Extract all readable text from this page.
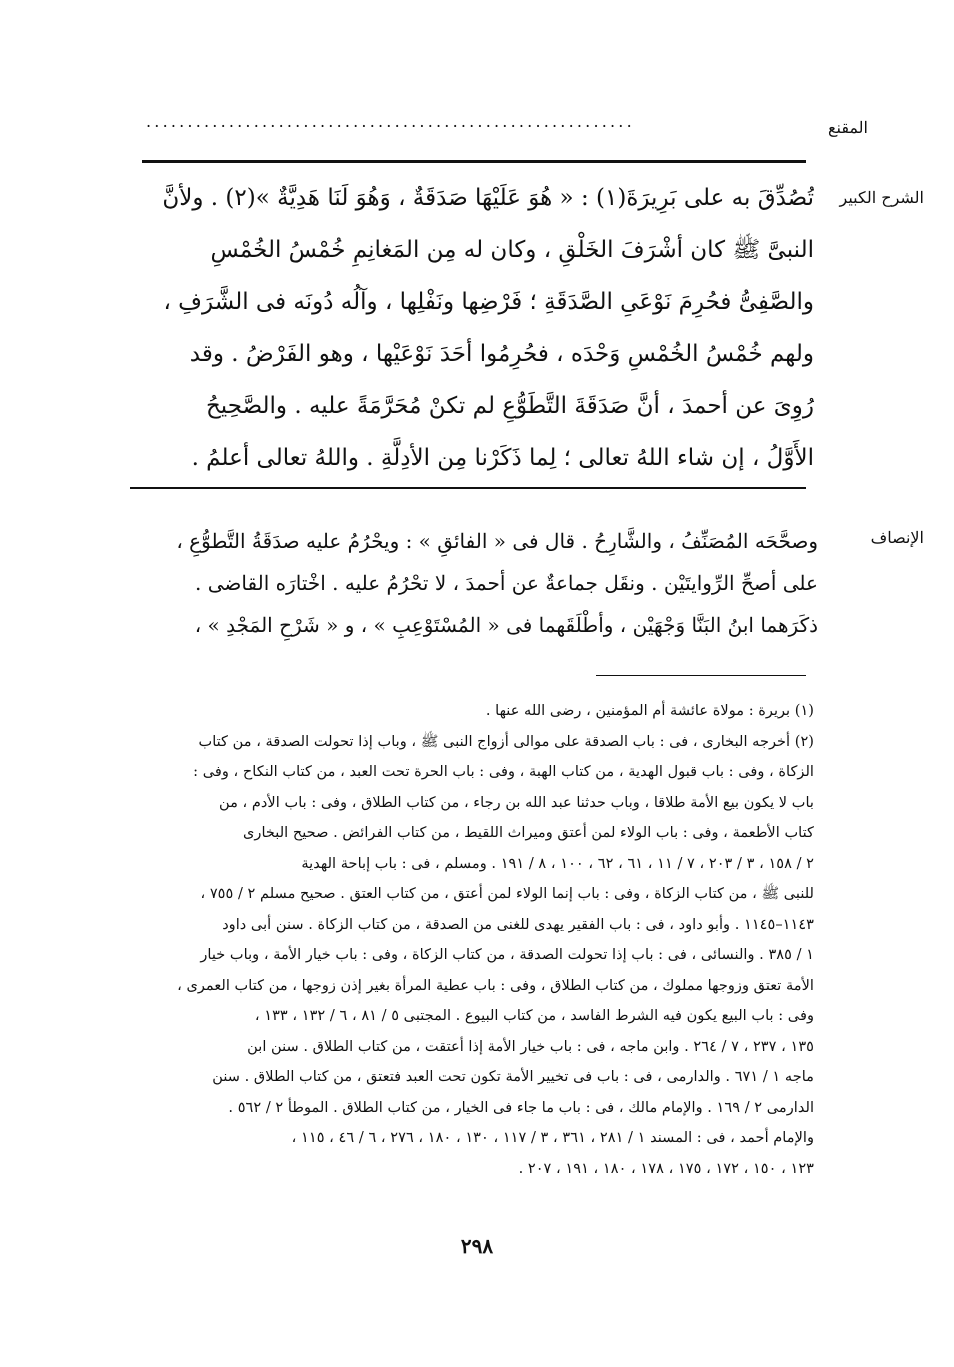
المقنع
...........................................................
الشرح الكبير
تُصُدِّقَ به على بَرِيرَةَ(١) : « هُوَ عَلَيْهَا صَدَقَةٌ ، وَهُوَ لَنَا هَدِيَّةٌ »(٢) . ولأنَّ
النبىَّ ﷺ كان أشْرَفَ الخَلْقِ ، وكان له مِن المَغانِمِ خُمْسُ الخُمْسِ
والصَّفِىُّ فحُرِمَ نَوْعَىِ الصَّدَقَةِ ؛ فَرْضِها ونَفْلِها ، وآلُه دُونَه فى الشَّرَفِ ،
ولهم خُمْسُ الخُمْسِ وَحْدَه ، فحُرِمُوا أحَدَ نَوْعَيْها ، وهو الفَرْضُ . وقد
رُوِىَ عن أحمدَ ، أنَّ صَدَقَةَ التَّطَوُّعِ لم تكنْ مُحَرَّمَةً عليه . والصَّحِيحُ
الأَوَّلُ ، إن شاء اللهُ تعالى ؛ لِما ذَكَرْنا مِن الأدِلَّةِ . واللهُ تعالى أعلمُ .
الإنصاف
وصحَّحَه المُصَنِّفُ ، والشَّارِحُ . قال فى « الفائقِ » : ويحْرُمُ عليه صدَقَةُ التَّطوُّعِ ،
على أصحِّ الرِّوايتَيْن . ونقَل جماعةٌ عن أحمدَ ، لا تحْرُمُ عليه . اخْتارَه القاضى .
ذكَرَهما ابنُ البَنَّا وَجْهَيْن ، وأطْلَقَهما فى « المُسْتَوْعِبِ » ، و « شَرْحِ المَجْدِ » ،
(١) بريرة : مولاة عائشة أم المؤمنين ، رضى الله عنها .
(٢) أخرجه البخارى ، فى : باب الصدقة على موالى أزواج النبى ﷺ ، وباب إذا تحولت الصدقة ، من كتاب
الزكاة ، وفى : باب قبول الهدية ، من كتاب الهبة ، وفى : باب الحرة تحت العبد ، من كتاب النكاح ، وفى :
باب لا يكون بيع الأمة طلاقا ، وباب حدثنا عبد الله بن رجاء ، من كتاب الطلاق ، وفى : باب الأدم ، من
كتاب الأطعمة ، وفى : باب الولاء لمن أعتق وميراث اللقيط ، من كتاب الفرائض . صحيح البخارى
٢ / ١٥٨ ، ٣ / ٢٠٣ ، ٧ / ١١ ، ٦١ ، ٦٢ ، ١٠٠ ، ٨ / ١٩١ . ومسلم ، فى : باب إباحة الهدية
للنبى ﷺ ، من كتاب الزكاة ، وفى : باب إنما الولاء لمن أعتق ، من كتاب العتق . صحيح مسلم ٢ / ٧٥٥ ،
١١٤٣–١١٤٥ . وأبو داود ، فى : باب الفقير يهدى للغنى من الصدقة ، من كتاب الزكاة . سنن أبى داود
١ / ٣٨٥ . والنسائى ، فى : باب إذا تحولت الصدقة ، من كتاب الزكاة ، وفى : باب خيار الأمة ، وباب خيار
الأمة تعتق وزوجها مملوك ، من كتاب الطلاق ، وفى : باب عطية المرأة بغير إذن زوجها ، من كتاب العمرى ،
وفى : باب البيع يكون فيه الشرط الفاسد ، من كتاب البيوع . المجتبى ٥ / ٨١ ، ٦ / ١٣٢ ، ١٣٣ ،
١٣٥ ، ٢٣٧ ، ٧ / ٢٦٤ . وابن ماجه ، فى : باب خيار الأمة إذا أعتقت ، من كتاب الطلاق . سنن ابن
ماجه ١ / ٦٧١ . والدارمى ، فى : باب فى تخيير الأمة تكون تحت العبد فتعتق ، من كتاب الطلاق . سنن
الدارمى ٢ / ١٦٩ . والإمام مالك ، فى : باب ما جاء فى الخيار ، من كتاب الطلاق . الموطأ ٢ / ٥٦٢ .
والإمام أحمد ، فى : المسند ١ / ٢٨١ ، ٣٦١ ، ٣ / ١١٧ ، ١٣٠ ، ١٨٠ ، ٢٧٦ ، ٦ / ٤٦ ، ١١٥ ،
١٢٣ ، ١٥٠ ، ١٧٢ ، ١٧٥ ، ١٧٨ ، ١٨٠ ، ١٩١ ، ٢٠٧ .
٢٩٨
